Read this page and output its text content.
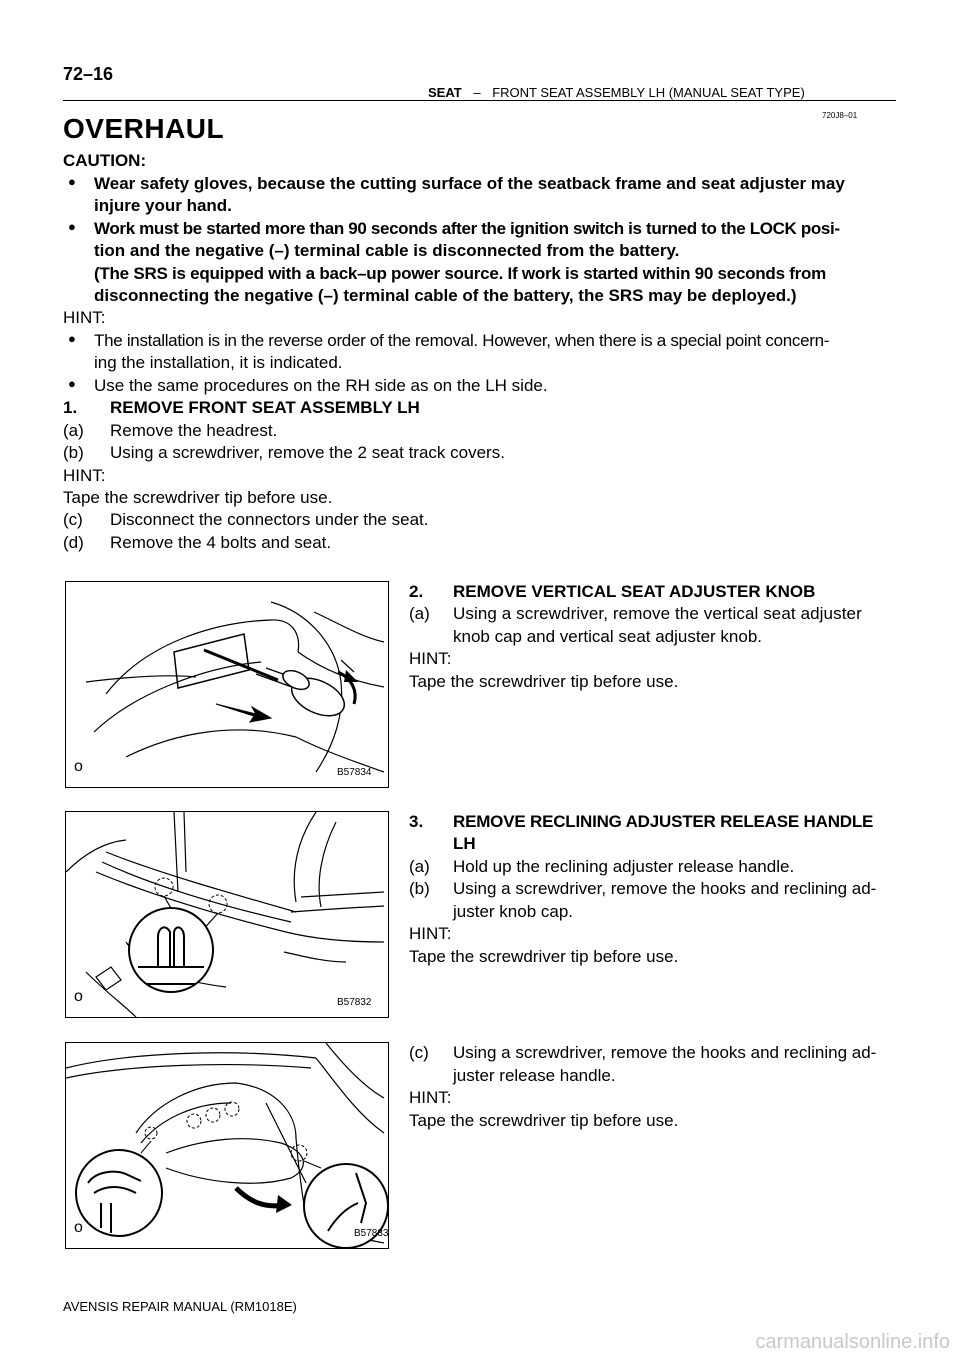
72–16
SEAT – FRONT SEAT ASSEMBLY LH (MANUAL SEAT TYPE)
720J8–01
OVERHAUL
CAUTION:
● Wear safety gloves, because the cutting surface of the seatback frame and seat adjuster may
injure your hand.
● Work must be started more than 90 seconds after the ignition switch is turned to the LOCK posi-
tion and the negative (–) terminal cable is disconnected from the battery.
(The SRS is equipped with a back–up power source. If work is started within 90 seconds from
disconnecting the negative (–) terminal cable of the battery, the SRS may be deployed.)
HINT:
● The installation is in the reverse order of the removal. However, when there is a special point concern-
ing the installation, it is indicated.
● Use the same procedures on the RH side as on the LH side.
1. REMOVE FRONT SEAT ASSEMBLY LH
(a) Remove the headrest.
(b) Using a screwdriver, remove the 2 seat track covers.
HINT:
Tape the screwdriver tip before use.
(c) Disconnect the connectors under the seat.
(d) Remove the 4 bolts and seat.
o	B57834
2. REMOVE VERTICAL SEAT ADJUSTER KNOB
(a) Using a screwdriver, remove the vertical seat adjuster
knob cap and vertical seat adjuster knob.
HINT:
Tape the screwdriver tip before use.
o	B57832
3. REMOVE RECLINING ADJUSTER RELEASE HANDLE
LH
(a) Hold up the reclining adjuster release handle.
(b) Using a screwdriver, remove the hooks and reclining ad-
juster knob cap.
HINT:
Tape the screwdriver tip before use.
o	B57833
(c) Using a screwdriver, remove the hooks and reclining ad-
juster release handle.
HINT:
Tape the screwdriver tip before use.
AVENSIS REPAIR MANUAL (RM1018E)
carmanualsonline.info
